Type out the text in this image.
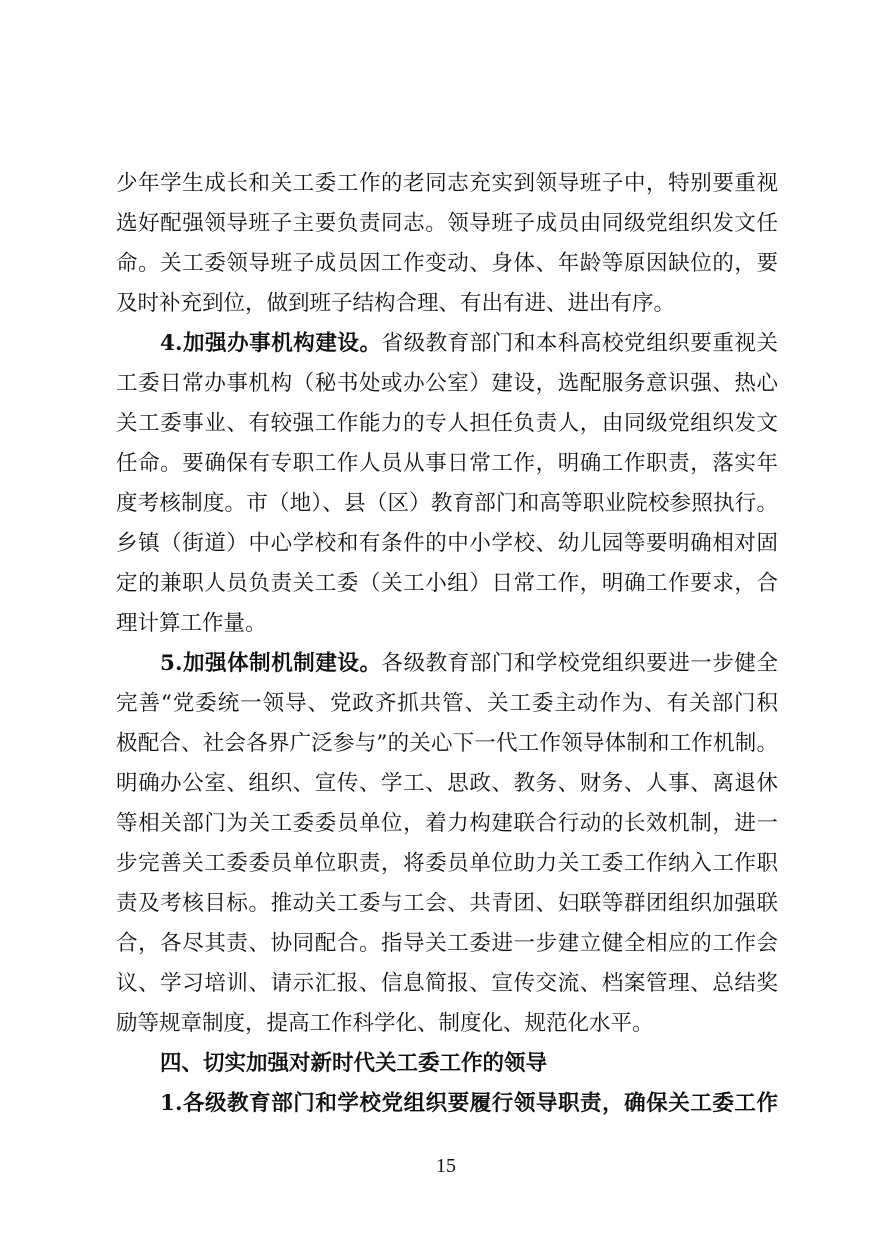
少年学生成长和关工委工作的老同志充实到领导班子中，特别要重视
选好配强领导班子主要负责同志。领导班子成员由同级党组织发文任
命。关工委领导班子成员因工作变动、身体、年龄等原因缺位的，要
及时补充到位，做到班子结构合理、有出有进、进出有序。
4.加强办事机构建设。省级教育部门和本科高校党组织要重视关
工委日常办事机构（秘书处或办公室）建设，选配服务意识强、热心
关工委事业、有较强工作能力的专人担任负责人，由同级党组织发文
任命。要确保有专职工作人员从事日常工作，明确工作职责，落实年
度考核制度。市（地）、县（区）教育部门和高等职业院校参照执行。
乡镇（街道）中心学校和有条件的中小学校、幼儿园等要明确相对固
定的兼职人员负责关工委（关工小组）日常工作，明确工作要求，合
理计算工作量。
5.加强体制机制建设。各级教育部门和学校党组织要进一步健全
完善“党委统一领导、党政齐抓共管、关工委主动作为、有关部门积
极配合、社会各界广泛参与”的关心下一代工作领导体制和工作机制。
明确办公室、组织、宣传、学工、思政、教务、财务、人事、离退休
等相关部门为关工委委员单位，着力构建联合行动的长效机制，进一
步完善关工委委员单位职责，将委员单位助力关工委工作纳入工作职
责及考核目标。推动关工委与工会、共青团、妇联等群团组织加强联
合，各尽其责、协同配合。指导关工委进一步建立健全相应的工作会
议、学习培训、请示汇报、信息简报、宣传交流、档案管理、总结奖
励等规章制度，提高工作科学化、制度化、规范化水平。
四、切实加强对新时代关工委工作的领导
1.各级教育部门和学校党组织要履行领导职责，确保关工委工作
15
